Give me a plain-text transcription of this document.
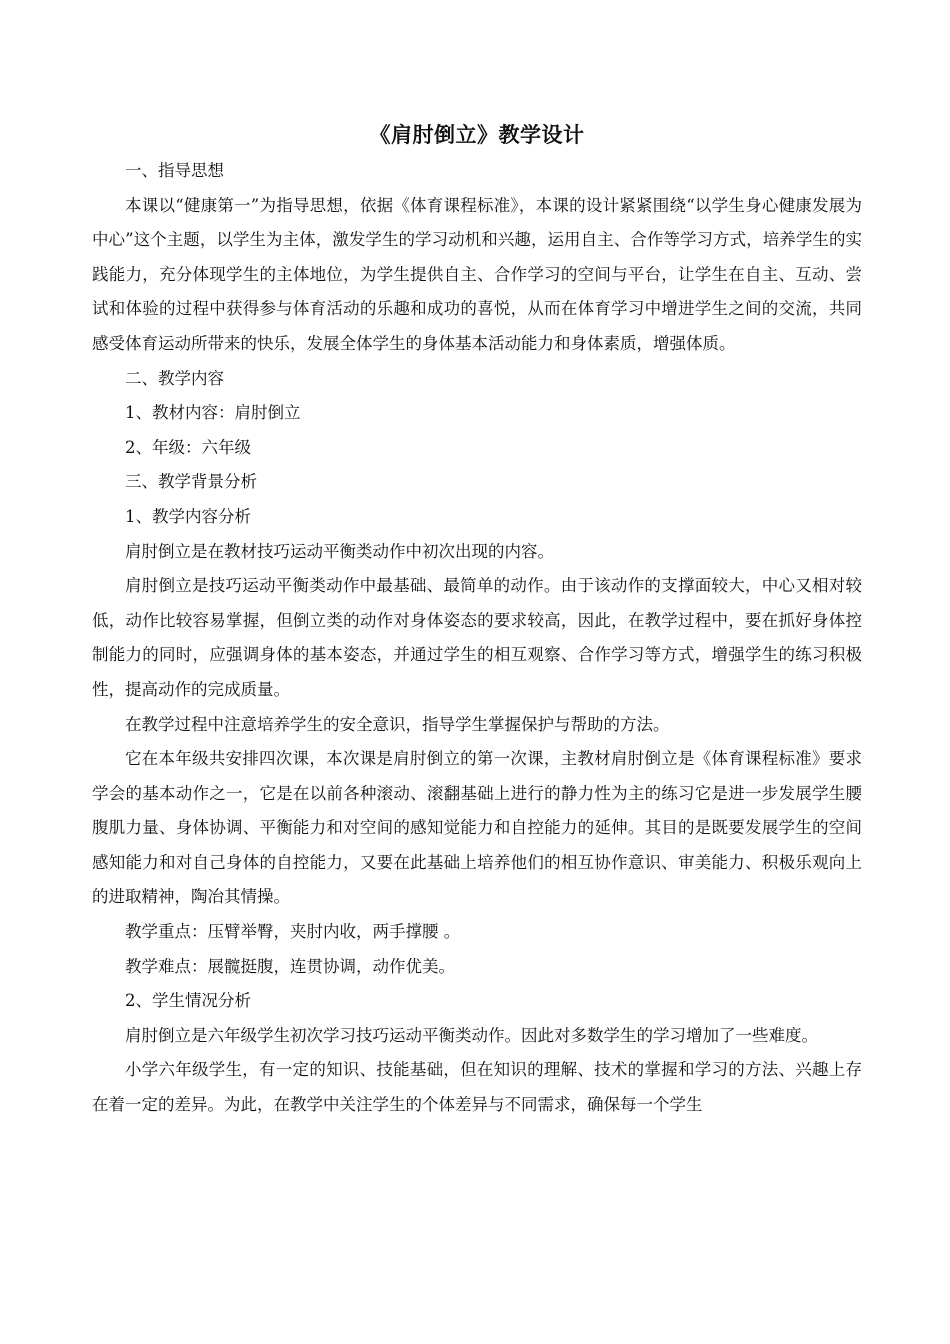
《肩肘倒立》教学设计

一、指导思想

本课以“健康第一”为指导思想，依据《体育课程标准》，本课的设计紧紧围绕“以学生身心健康发展为中心”这个主题，以学生为主体，激发学生的学习动机和兴趣，运用自主、合作等学习方式，培养学生的实践能力，充分体现学生的主体地位，为学生提供自主、合作学习的空间与平台，让学生在自主、互动、尝试和体验的过程中获得参与体育活动的乐趣和成功的喜悦，从而在体育学习中增进学生之间的交流，共同感受体育运动所带来的快乐，发展全体学生的身体基本活动能力和身体素质，增强体质。

二、教学内容

1、教材内容：肩肘倒立

2、年级：六年级

三、教学背景分析

1、教学内容分析

肩肘倒立是在教材技巧运动平衡类动作中初次出现的内容。

肩肘倒立是技巧运动平衡类动作中最基础、最简单的动作。由于该动作的支撑面较大，中心又相对较低，动作比较容易掌握，但倒立类的动作对身体姿态的要求较高，因此，在教学过程中，要在抓好身体控制能力的同时，应强调身体的基本姿态，并通过学生的相互观察、合作学习等方式，增强学生的练习积极性，提高动作的完成质量。

在教学过程中注意培养学生的安全意识，指导学生掌握保护与帮助的方法。

它在本年级共安排四次课，本次课是肩肘倒立的第一次课，主教材肩肘倒立是《体育课程标准》要求学会的基本动作之一，它是在以前各种滚动、滚翻基础上进行的静力性为主的练习它是进一步发展学生腰腹肌力量、身体协调、平衡能力和对空间的感知觉能力和自控能力的延伸。其目的是既要发展学生的空间感知能力和对自己身体的自控能力，又要在此基础上培养他们的相互协作意识、审美能力、积极乐观向上的进取精神，陶冶其情操。

教学重点：压臂举臀，夹肘内收，两手撑腰 。

教学难点：展髋挺腹，连贯协调，动作优美。

2、学生情况分析

肩肘倒立是六年级学生初次学习技巧运动平衡类动作。因此对多数学生的学习增加了一些难度。

小学六年级学生，有一定的知识、技能基础，但在知识的理解、技术的掌握和学习的方法、兴趣上存在着一定的差异。为此，在教学中关注学生的个体差异与不同需求，确保每一个学生
